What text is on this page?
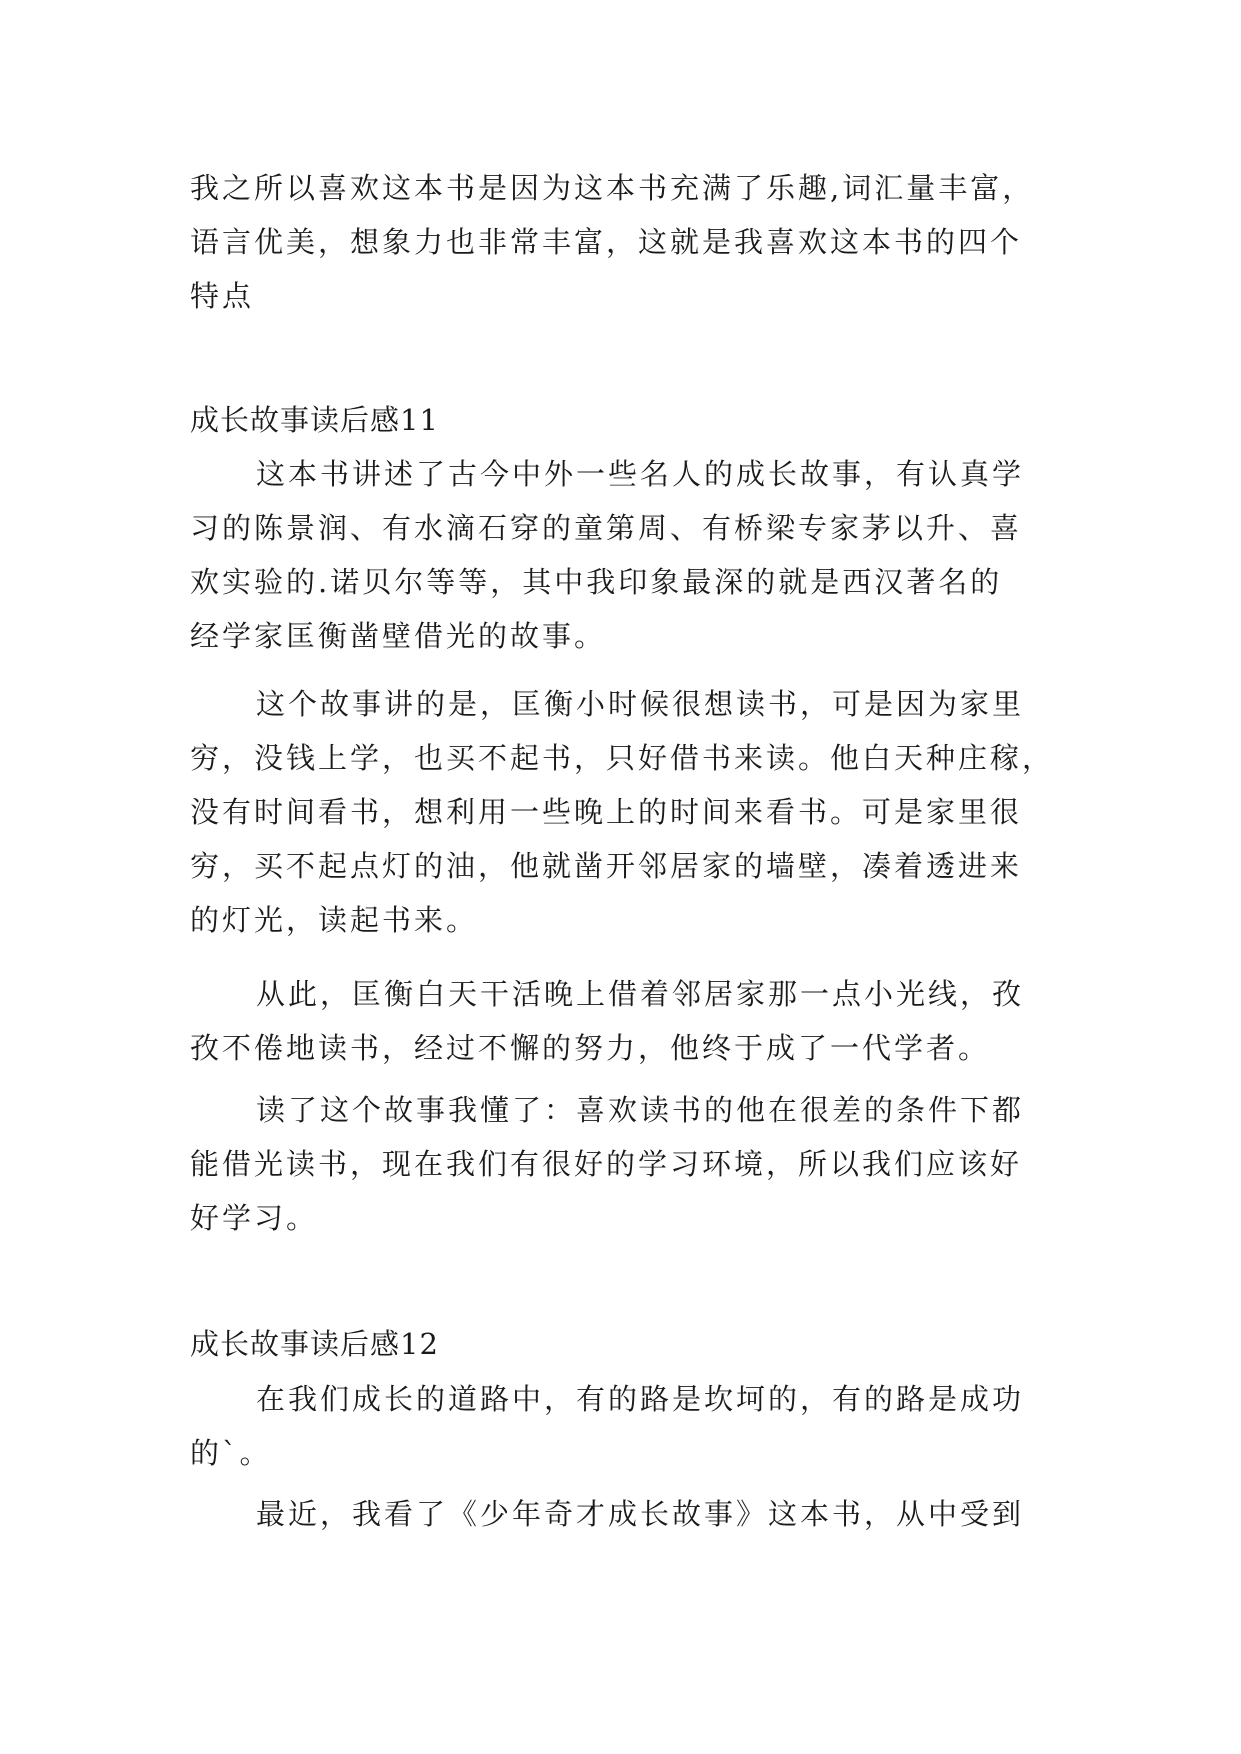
我之所以喜欢这本书是因为这本书充满了乐趣,词汇量丰富，
语言优美，想象力也非常丰富，这就是我喜欢这本书的四个
特点
成长故事读后感11
这本书讲述了古今中外一些名人的成长故事，有认真学
习的陈景润、有水滴石穿的童第周、有桥梁专家茅以升、喜
欢实验的.诺贝尔等等，其中我印象最深的就是西汉著名的
经学家匡衡凿壁借光的故事。
这个故事讲的是，匡衡小时候很想读书，可是因为家里
穷，没钱上学，也买不起书，只好借书来读。他白天种庄稼，
没有时间看书，想利用一些晚上的时间来看书。可是家里很
穷，买不起点灯的油，他就凿开邻居家的墙壁，凑着透进来
的灯光，读起书来。
从此，匡衡白天干活晚上借着邻居家那一点小光线，孜
孜不倦地读书，经过不懈的努力，他终于成了一代学者。
读了这个故事我懂了：喜欢读书的他在很差的条件下都
能借光读书，现在我们有很好的学习环境，所以我们应该好
好学习。
成长故事读后感12
在我们成长的道路中，有的路是坎坷的，有的路是成功
的`。
最近，我看了《少年奇才成长故事》这本书，从中受到
